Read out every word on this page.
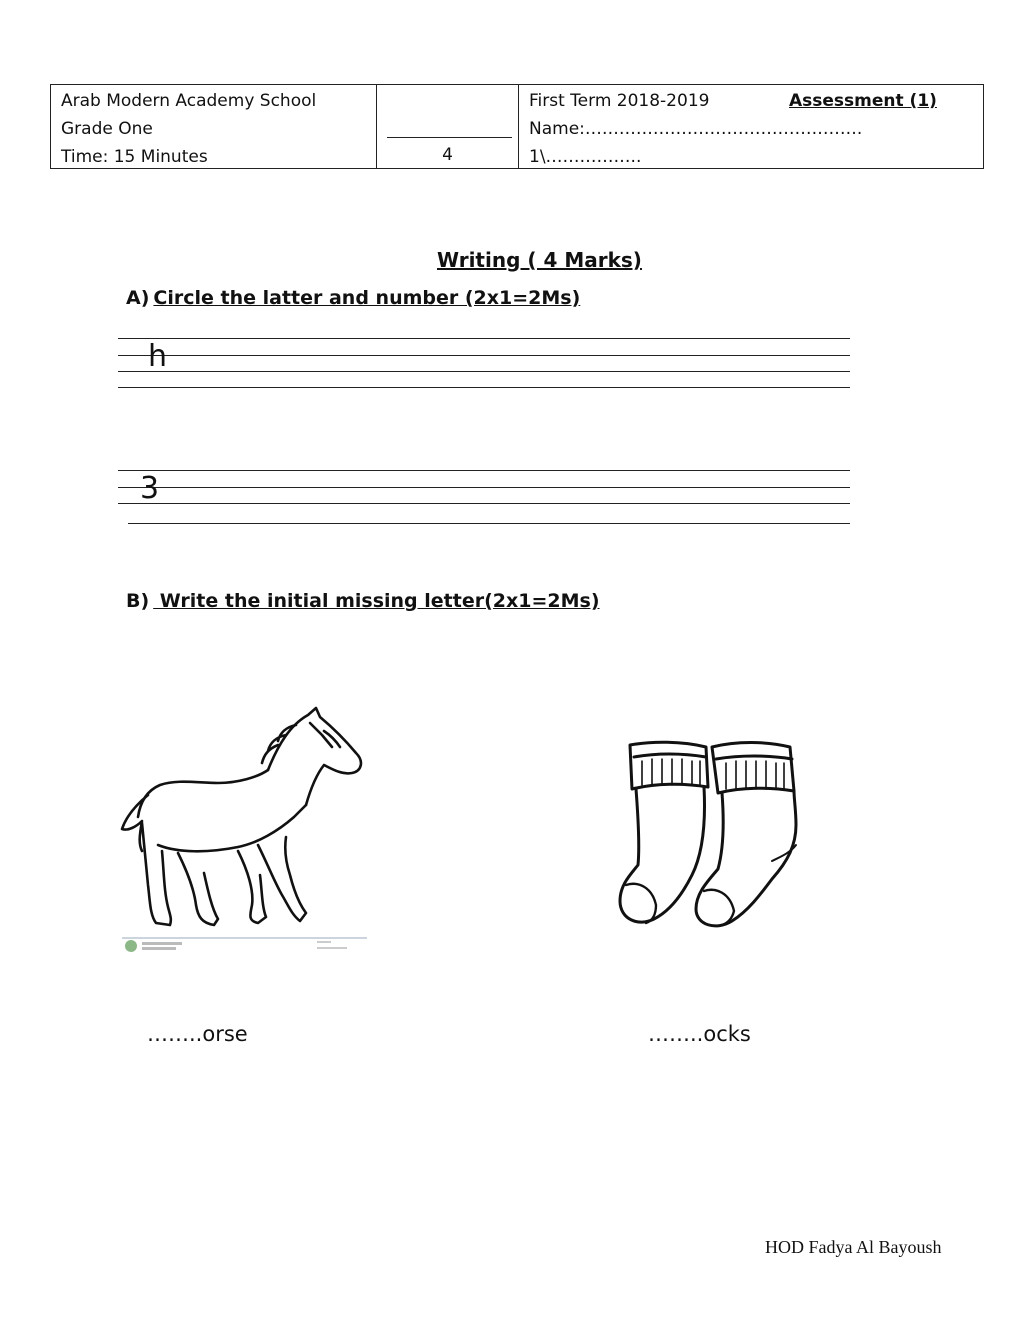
Arab Modern Academy School
Grade One
Time: 15 Minutes	4
First Term 2018-2019	Assessment (1)
Name:………………………………………….
1\……………..
Writing ( 4 Marks)
A) Circle the latter and number (2x1=2Ms)
h
3
B) Write the initial missing letter(2x1=2Ms)
……..orse	……..ocks
HOD Fadya Al Bayoush
